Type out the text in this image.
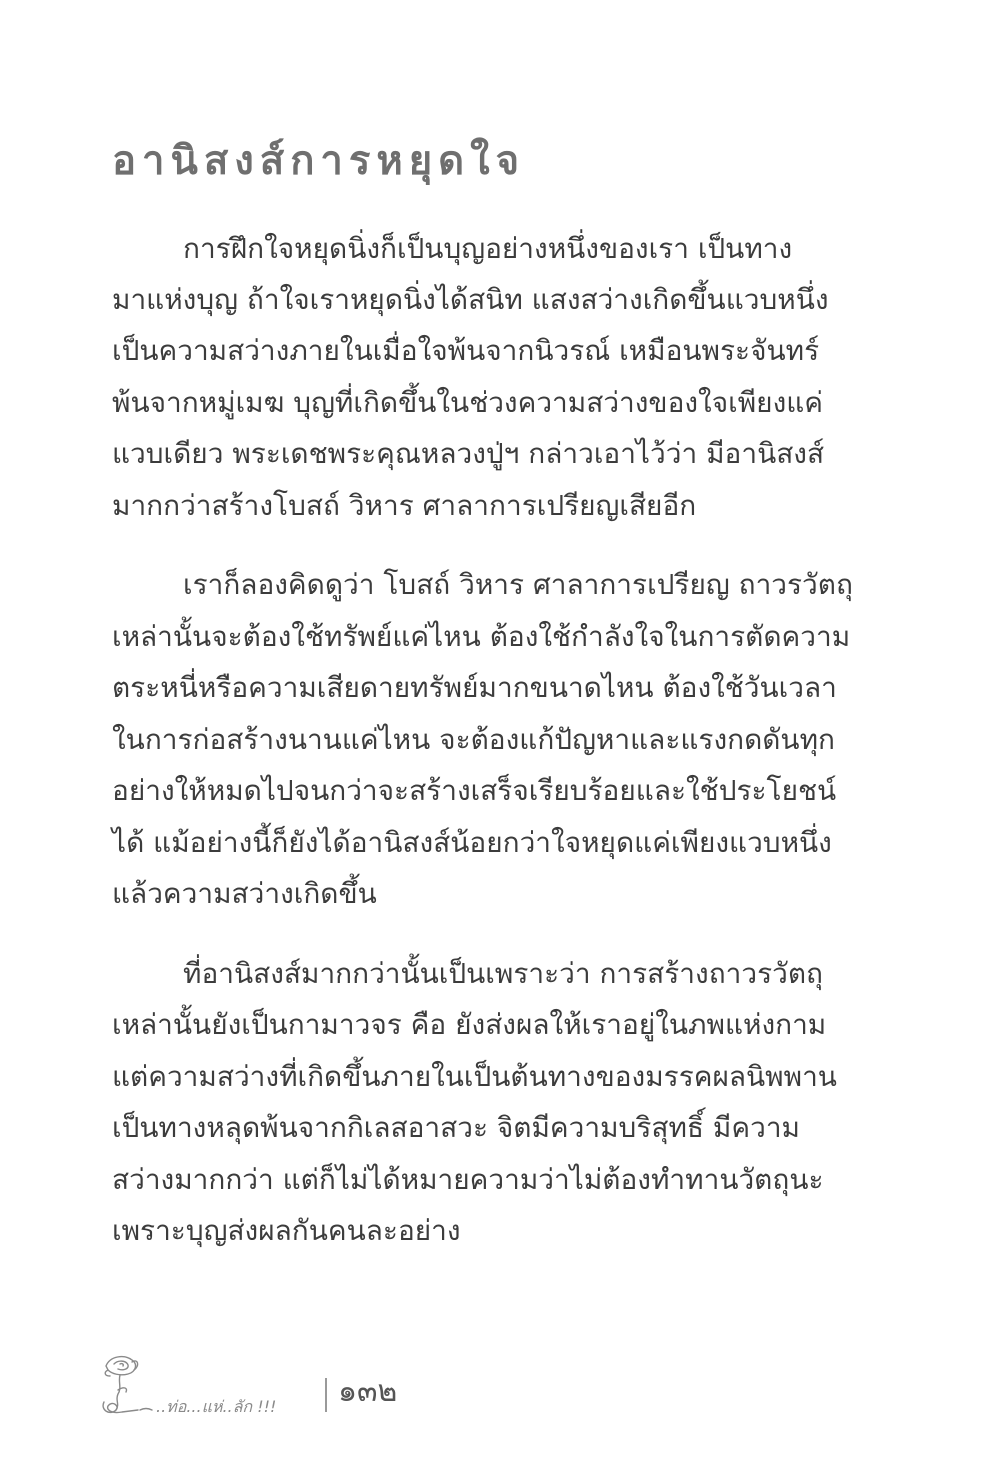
อานิสงส์การหยุดใจ
การฝึกใจหยุดนิ่งก็เป็นบุญอย่างหนึ่งของเรา เป็นทาง
มาแห่งบุญ ถ้าใจเราหยุดนิ่งได้สนิท แสงสว่างเกิดขึ้นแวบหนึ่ง
เป็นความสว่างภายในเมื่อใจพ้นจากนิวรณ์ เหมือนพระจันทร์
พ้นจากหมู่เมฆ บุญที่เกิดขึ้นในช่วงความสว่างของใจเพียงแค่
แวบเดียว พระเดชพระคุณหลวงปู่ฯ กล่าวเอาไว้ว่า มีอานิสงส์
มากกว่าสร้างโบสถ์ วิหาร ศาลาการเปรียญเสียอีก
เราก็ลองคิดดูว่า โบสถ์ วิหาร ศาลาการเปรียญ ถาวรวัตถุ
เหล่านั้นจะต้องใช้ทรัพย์แค่ไหน ต้องใช้กำลังใจในการตัดความ
ตระหนี่หรือความเสียดายทรัพย์มากขนาดไหน ต้องใช้วันเวลา
ในการก่อสร้างนานแค่ไหน จะต้องแก้ปัญหาและแรงกดดันทุก
อย่างให้หมดไปจนกว่าจะสร้างเสร็จเรียบร้อยและใช้ประโยชน์
ได้ แม้อย่างนี้ก็ยังได้อานิสงส์น้อยกว่าใจหยุดแค่เพียงแวบหนึ่ง
แล้วความสว่างเกิดขึ้น
ที่อานิสงส์มากกว่านั้นเป็นเพราะว่า การสร้างถาวรวัตถุ
เหล่านั้นยังเป็นกามาวจร คือ ยังส่งผลให้เราอยู่ในภพแห่งกาม
แต่ความสว่างที่เกิดขึ้นภายในเป็นต้นทางของมรรคผลนิพพาน
เป็นทางหลุดพ้นจากกิเลสอาสวะ จิตมีความบริสุทธิ์ มีความ
สว่างมากกว่า แต่ก็ไม่ได้หมายความว่าไม่ต้องทำทานวัตถุนะ
เพราะบุญส่งผลกันคนละอย่าง
..ท่อ...แห่..ลัก !!! ๑๓๒
